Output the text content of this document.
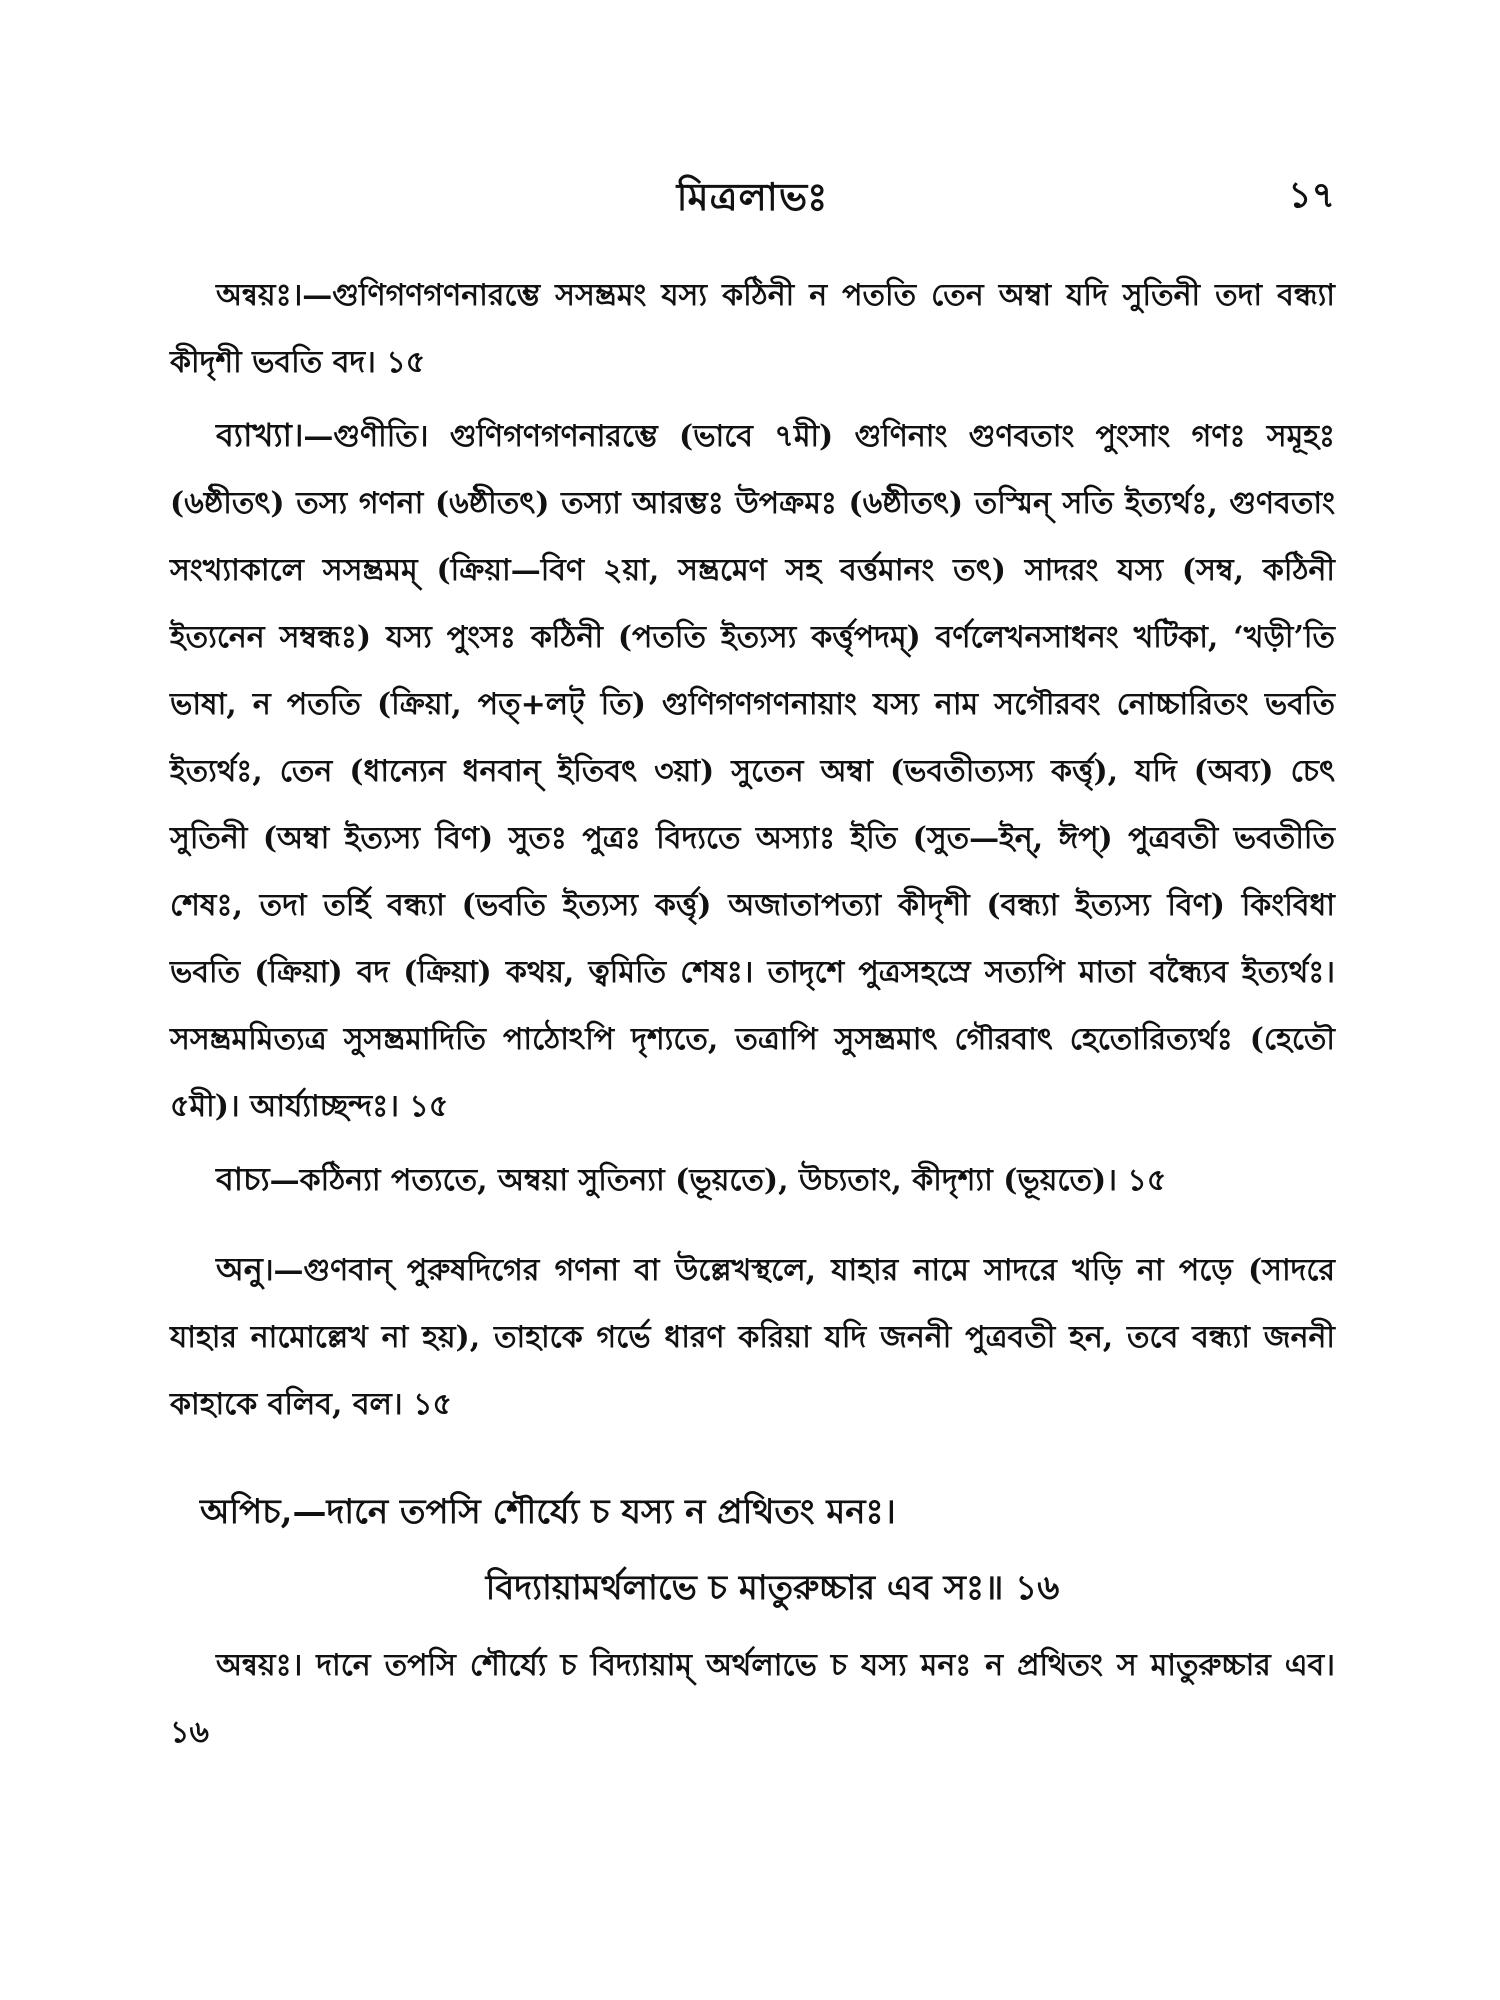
মিত্রলাভঃ	১৭

অন্বয়ঃ।—গুণিগণগণনারম্ভে সসম্ভ্রমং যস্য কঠিনী ন পততি তেন অম্বা যদি সুতিনী তদা বন্ধ্যা কীদৃশী ভবতি বদ। ১৫

ব্যাখ্যা।—গুণীতি। গুণিগণগণনারম্ভে (ভাবে ৭মী) গুণিনাং গুণবতাং পুংসাং গণঃ সমূহঃ (৬ষ্ঠীতৎ) তস্য গণনা (৬ষ্ঠীতৎ) তস্যা আরম্ভঃ উপক্রমঃ (৬ষ্ঠীতৎ) তস্মিন্ সতি ইত্যর্থঃ, গুণবতাং সংখ্যাকালে সসম্ভ্রমম্ (ক্রিয়া—বিণ ২য়া, সম্ভ্রমেণ সহ বর্ত্তমানং তৎ) সাদরং যস্য (সম্ব, কঠিনী ইত্যনেন সম্বন্ধঃ) যস্য পুংসঃ কঠিনী (পততি ইত্যস্য কর্ত্তৃপদম্) বর্ণলেখনসাধনং খটিকা, ‘খড়ী’তি ভাষা, ন পততি (ক্রিয়া, পত্+লট্ তি) গুণিগণগণনায়াং যস্য নাম সগৌরবং নোচ্চারিতং ভবতি ইত্যর্থঃ, তেন (ধান্যেন ধনবান্ ইতিবৎ ৩য়া) সুতেন অম্বা (ভবতীত্যস্য কর্ত্তৃ), যদি (অব্য) চেৎ সুতিনী (অম্বা ইত্যস্য বিণ) সুতঃ পুত্রঃ বিদ্যতে অস্যাঃ ইতি (সুত—ইন্, ঈপ্) পুত্রবতী ভবতীতি শেষঃ, তদা তর্হি বন্ধ্যা (ভবতি ইত্যস্য কর্ত্তৃ) অজাতাপত্যা কীদৃশী (বন্ধ্যা ইত্যস্য বিণ) কিংবিধা ভবতি (ক্রিয়া) বদ (ক্রিয়া) কথয়, ত্বমিতি শেষঃ। তাদৃশে পুত্রসহস্রে সত্যপি মাতা বন্ধ্যৈব ইত্যর্থঃ। সসম্ভ্রমমিত্যত্র সুসম্ভ্রমাদিতি পাঠোঽপি দৃশ্যতে, তত্রাপি সুসম্ভ্রমাৎ গৌরবাৎ হেতোরিত্যর্থঃ (হেতৌ ৫মী)। আর্য্যাচ্ছন্দঃ। ১৫

বাচ্য—কঠিন্যা পত্যতে, অম্বয়া সুতিন্যা (ভূয়তে), উচ্যতাং, কীদৃশ্যা (ভূয়তে)। ১৫

অনু।—গুণবান্ পুরুষদিগের গণনা বা উল্লেখস্থলে, যাহার নামে সাদরে খড়ি না পড়ে (সাদরে যাহার নামোল্লেখ না হয়), তাহাকে গর্ভে ধারণ করিয়া যদি জননী পুত্রবতী হন, তবে বন্ধ্যা জননী কাহাকে বলিব, বল। ১৫

অপিচ,—দানে তপসি শৌর্য্যে চ যস্য ন প্রথিতং মনঃ।

বিদ্যায়ামর্থলাভে চ মাতুরুচ্চার এব সঃ॥ ১৬

অন্বয়ঃ। দানে তপসি শৌর্য্যে চ বিদ্যায়াম্ অর্থলাভে চ যস্য মনঃ ন প্রথিতং স মাতুরুচ্চার এব। ১৬
